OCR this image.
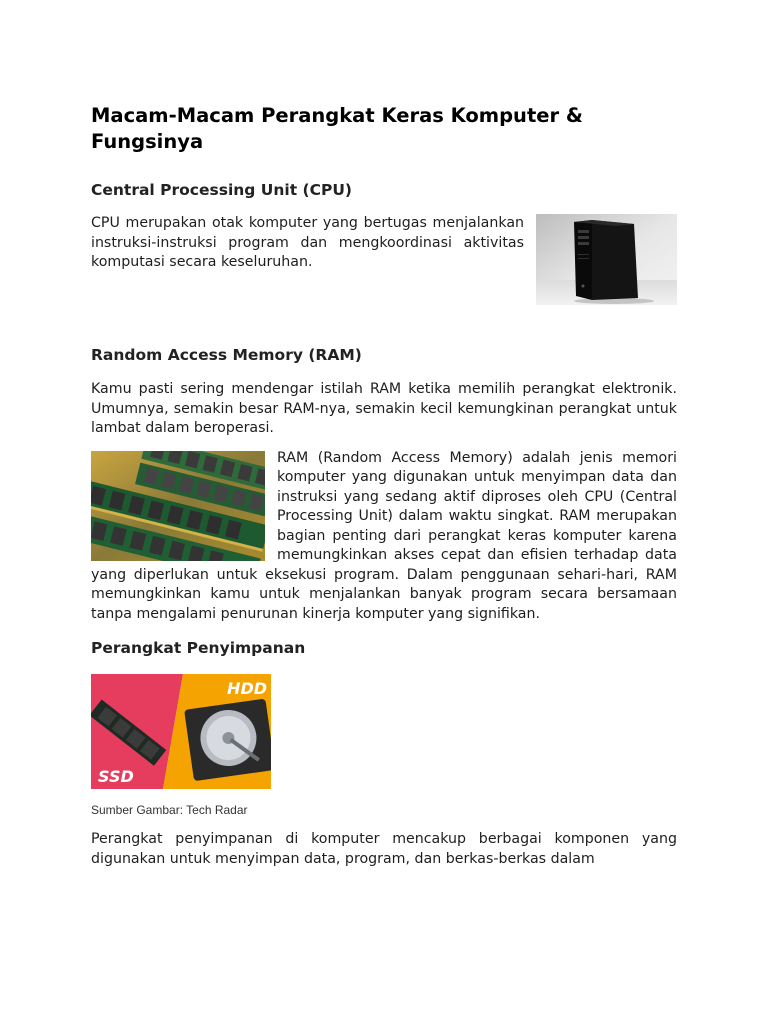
Macam-Macam Perangkat Keras Komputer & Fungsinya
Central Processing Unit (CPU)

CPU merupakan otak komputer yang bertugas menjalankan instruksi-instruksi program dan mengkoordinasi aktivitas komputasi secara keseluruhan.

Random Access Memory (RAM)

Kamu pasti sering mendengar istilah RAM ketika memilih perangkat elektronik. Umumnya, semakin besar RAM-nya, semakin kecil kemungkinan perangkat untuk lambat dalam beroperasi.

RAM (Random Access Memory) adalah jenis memori komputer yang digunakan untuk menyimpan data dan instruksi yang sedang aktif diproses oleh CPU (Central Processing Unit) dalam waktu singkat. RAM merupakan bagian penting dari perangkat keras komputer karena memungkinkan akses cepat dan efisien terhadap data yang diperlukan untuk eksekusi program. Dalam penggunaan sehari-hari, RAM memungkinkan kamu untuk menjalankan banyak program secara bersamaan tanpa mengalami penurunan kinerja komputer yang signifikan.

Perangkat Penyimpanan
HDD
SSD
Sumber Gambar: Tech Radar

Perangkat penyimpanan di komputer mencakup berbagai komponen yang digunakan untuk menyimpan data, program, dan berkas-berkas dalam
